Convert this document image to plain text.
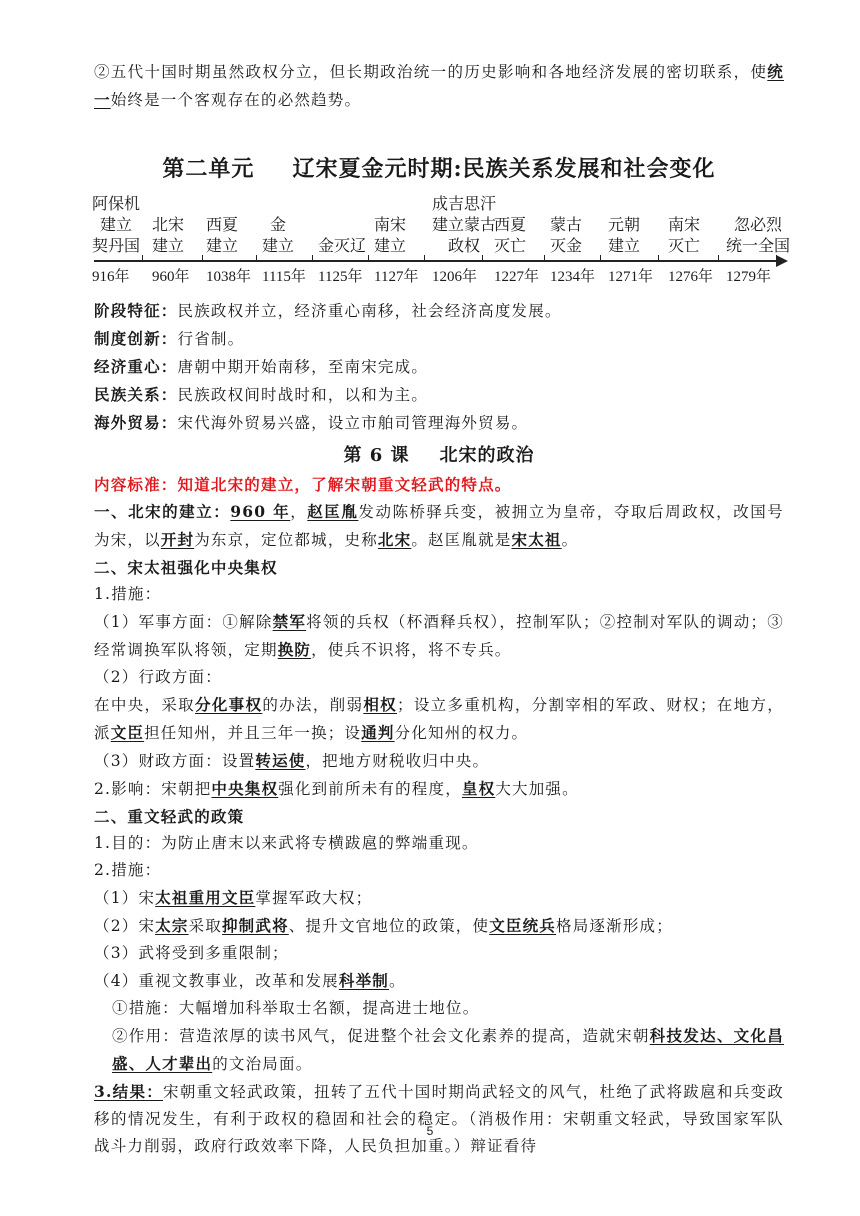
②五代十国时期虽然政权分立，但长期政治统一的历史影响和各地经济发展的密切联系，使统一始终是一个客观存在的必然趋势。

第二单元 辽宋夏金元时期:民族关系发展和社会变化
阿保机
建立
契丹国
916年

北宋
建立
960年

西夏
建立
1038年

金
建立
1115年

金灭辽
1125年

南宋
建立
1127年
成吉思汗
建立蒙古
政权
1206年

西夏
灭亡
1227年

蒙古
灭金
1234年

元朝
建立
1271年

南宋
灭亡
1276年

忽必烈
统一全国
1279年

阶段特征：民族政权并立，经济重心南移，社会经济高度发展。

制度创新：行省制。

经济重心：唐朝中期开始南移，至南宋完成。

民族关系：民族政权间时战时和，以和为主。

海外贸易：宋代海外贸易兴盛，设立市舶司管理海外贸易。

第 6 课 北宋的政治

内容标准：知道北宋的建立，了解宋朝重文轻武的特点。

一、北宋的建立：960 年，赵匡胤发动陈桥驿兵变，被拥立为皇帝，夺取后周政权，改国号为宋，以开封为东京，定位都城，史称北宋。赵匡胤就是宋太祖。

二、宋太祖强化中央集权

1.措施：

（1）军事方面：①解除禁军将领的兵权（杯酒释兵权），控制军队；②控制对军队的调动；③经常调换军队将领，定期换防，使兵不识将，将不专兵。

（2）行政方面：

在中央，采取分化事权的办法，削弱相权；设立多重机构，分割宰相的军政、财权；在地方，派文臣担任知州，并且三年一换；设通判分化知州的权力。

（3）财政方面：设置转运使，把地方财税收归中央。

2.影响：宋朝把中央集权强化到前所未有的程度，皇权大大加强。

二、重文轻武的政策

1.目的：为防止唐末以来武将专横跋扈的弊端重现。

2.措施：

（1）宋太祖重用文臣掌握军政大权；

（2）宋太宗采取抑制武将、提升文官地位的政策，使文臣统兵格局逐渐形成；

（3）武将受到多重限制；

（4）重视文教事业，改革和发展科举制。

①措施：大幅增加科举取士名额，提高进士地位。

②作用：营造浓厚的读书风气，促进整个社会文化素养的提高，造就宋朝科技发达、文化昌盛、人才辈出的文治局面。

3.结果：宋朝重文轻武政策，扭转了五代十国时期尚武轻文的风气，杜绝了武将跋扈和兵变政移的情况发生，有利于政权的稳固和社会的稳定。（消极作用：宋朝重文轻武，导致国家军队战斗力削弱，政府行政效率下降，人民负担加重。）辩证看待

5
